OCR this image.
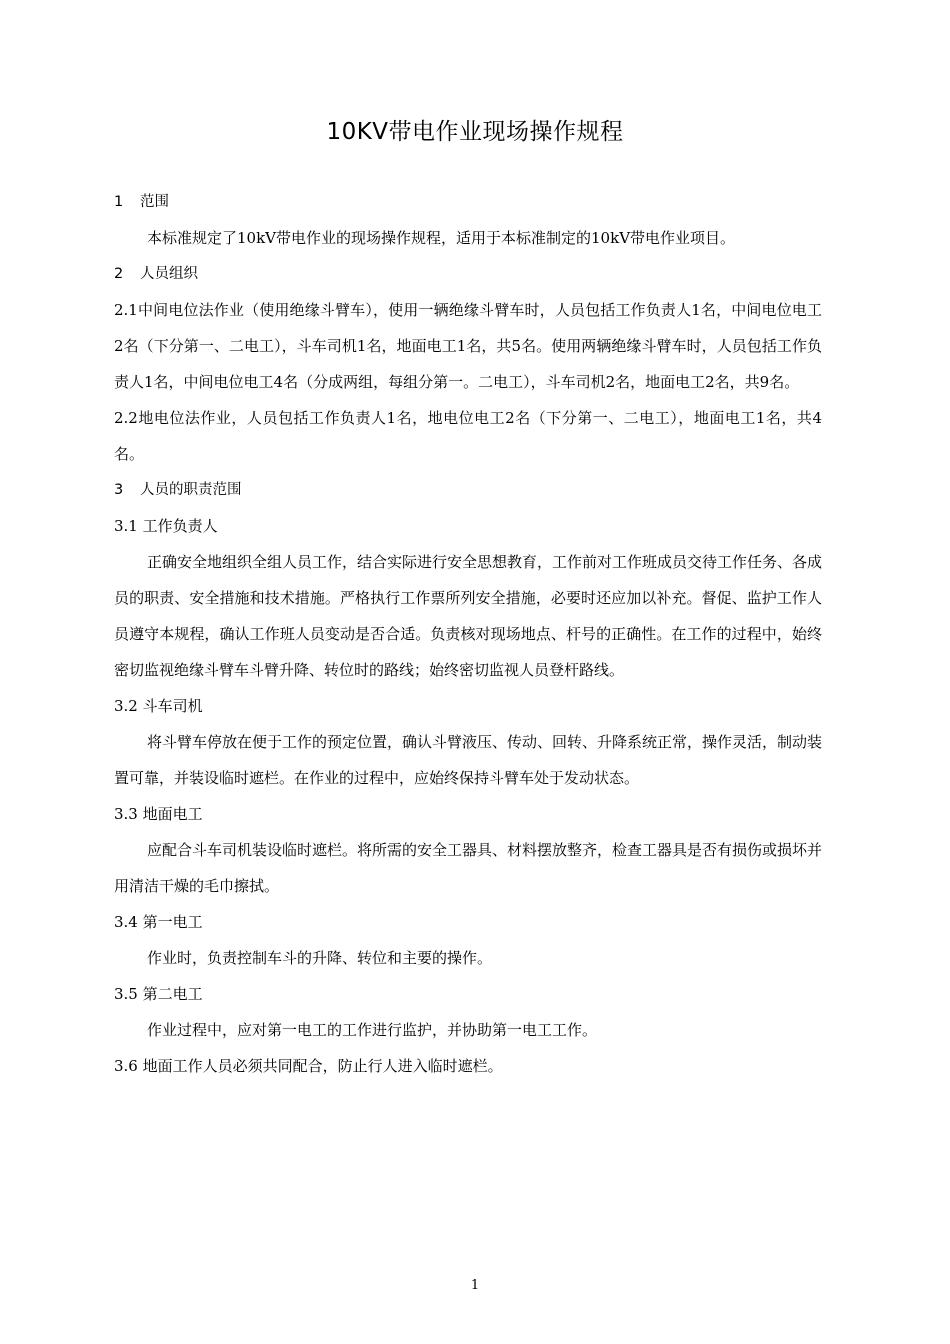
10KV带电作业现场操作规程

1 范围

本标准规定了10kV带电作业的现场操作规程，适用于本标准制定的10kV带电作业项目。

2 人员组织

2.1中间电位法作业（使用绝缘斗臂车），使用一辆绝缘斗臂车时，人员包括工作负责人1名，中间电位电工2名（下分第一、二电工），斗车司机1名，地面电工1名，共5名。使用两辆绝缘斗臂车时，人员包括工作负责人1名，中间电位电工4名（分成两组，每组分第一。二电工），斗车司机2名，地面电工2名，共9名。

2.2地电位法作业，人员包括工作负责人1名，地电位电工2名（下分第一、二电工），地面电工1名，共4名。

3 人员的职责范围

3.1 工作负责人

正确安全地组织全组人员工作，结合实际进行安全思想教育，工作前对工作班成员交待工作任务、各成员的职责、安全措施和技术措施。严格执行工作票所列安全措施，必要时还应加以补充。督促、监护工作人员遵守本规程，确认工作班人员变动是否合适。负责核对现场地点、杆号的正确性。在工作的过程中，始终密切监视绝缘斗臂车斗臂升降、转位时的路线；始终密切监视人员登杆路线。

3.2 斗车司机

将斗臂车停放在便于工作的预定位置，确认斗臂液压、传动、回转、升降系统正常，操作灵活，制动装置可靠，并装设临时遮栏。在作业的过程中，应始终保持斗臂车处于发动状态。

3.3 地面电工

应配合斗车司机装设临时遮栏。将所需的安全工器具、材料摆放整齐，检查工器具是否有损伤或损坏并用清洁干燥的毛巾擦拭。

3.4 第一电工

作业时，负责控制车斗的升降、转位和主要的操作。

3.5 第二电工

作业过程中，应对第一电工的工作进行监护，并协助第一电工工作。

3.6 地面工作人员必须共同配合，防止行人进入临时遮栏。

1
